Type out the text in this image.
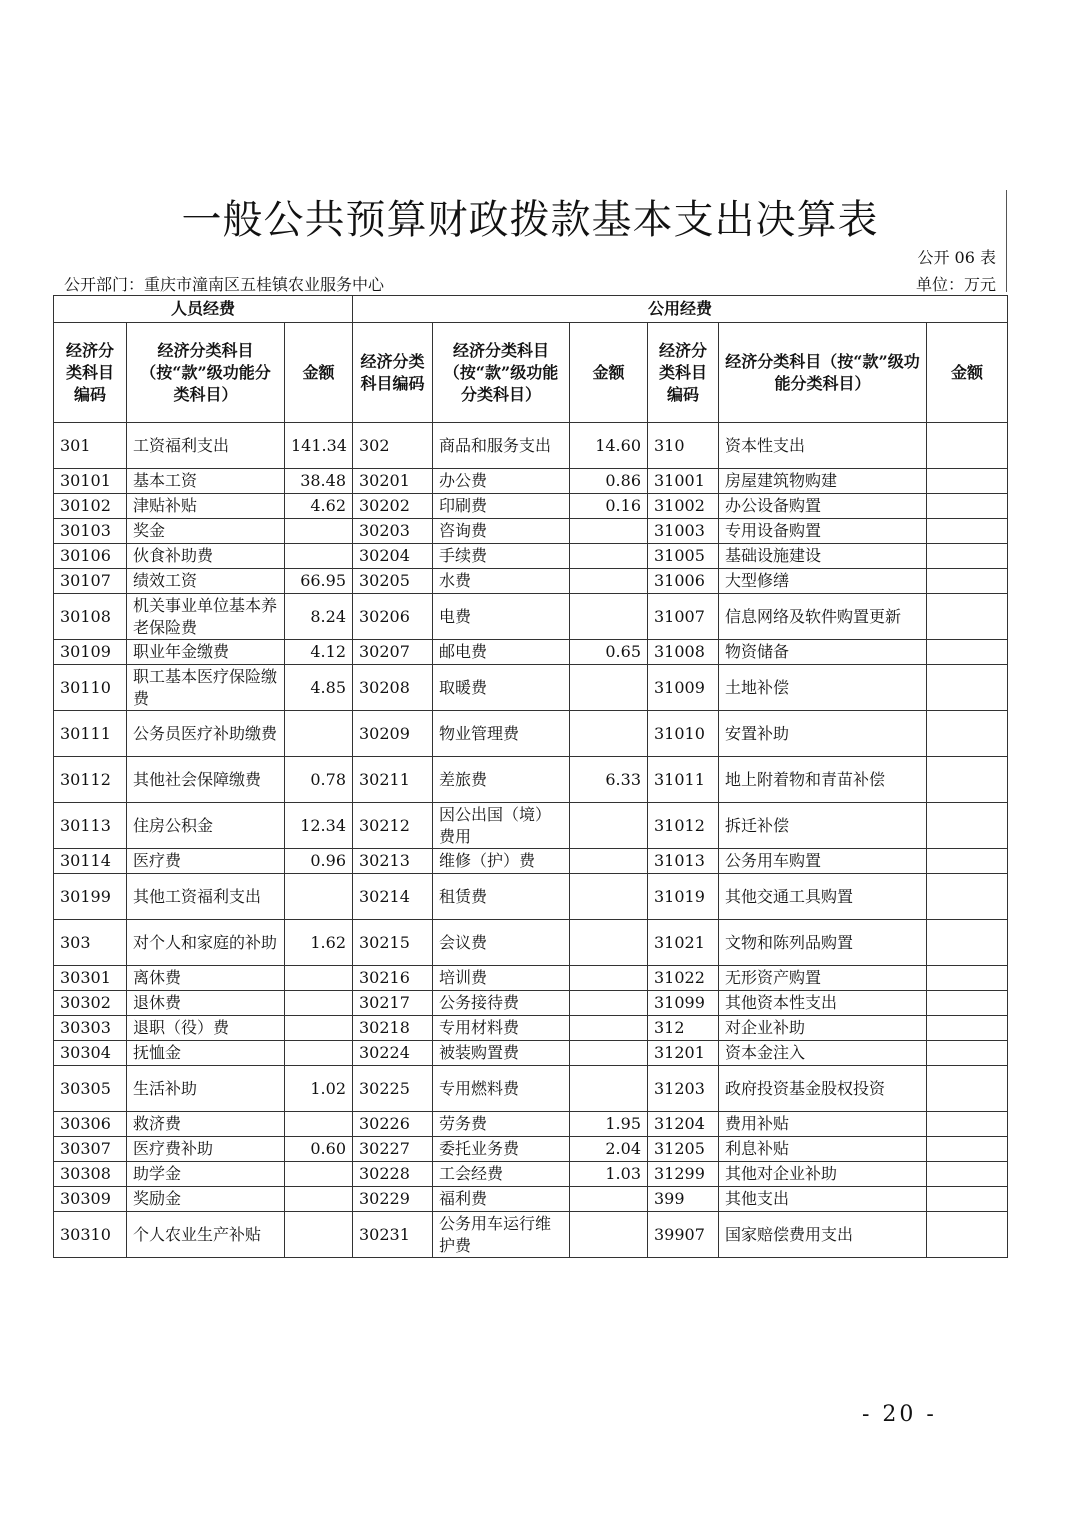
一般公共预算财政拨款基本支出决算表
公开 06 表
公开部门：重庆市潼南区五桂镇农业服务中心	单位：万元
人员经费			公用经费					
经济分类科目编码	经济分类科目（按“款”级功能分类科目）	金额	经济分类科目编码	经济分类科目（按“款”级功能分类科目）	金额	经济分类科目编码	经济分类科目（按“款”级功能分类科目）	金额
301	工资福利支出	141.34	302	商品和服务支出	14.60	310	资本性支出	
30101	基本工资	38.48	30201	办公费	0.86	31001	房屋建筑物购建	
30102	津贴补贴	4.62	30202	印刷费	0.16	31002	办公设备购置	
30103	奖金		30203	咨询费		31003	专用设备购置	
30106	伙食补助费		30204	手续费		31005	基础设施建设	
30107	绩效工资	66.95	30205	水费		31006	大型修缮	
30108	机关事业单位基本养老保险费	8.24	30206	电费		31007	信息网络及软件购置更新	
30109	职业年金缴费	4.12	30207	邮电费	0.65	31008	物资储备	
30110	职工基本医疗保险缴费	4.85	30208	取暖费		31009	土地补偿	
30111	公务员医疗补助缴费		30209	物业管理费		31010	安置补助	
30112	其他社会保障缴费	0.78	30211	差旅费	6.33	31011	地上附着物和青苗补偿	
30113	住房公积金	12.34	30212	因公出国（境）费用		31012	拆迁补偿	
30114	医疗费	0.96	30213	维修（护）费		31013	公务用车购置	
30199	其他工资福利支出		30214	租赁费		31019	其他交通工具购置	
303	对个人和家庭的补助	1.62	30215	会议费		31021	文物和陈列品购置	
30301	离休费		30216	培训费		31022	无形资产购置	
30302	退休费		30217	公务接待费		31099	其他资本性支出	
30303	退职（役）费		30218	专用材料费		312	对企业补助	
30304	抚恤金		30224	被装购置费		31201	资本金注入	
30305	生活补助	1.02	30225	专用燃料费		31203	政府投资基金股权投资	
30306	救济费		30226	劳务费	1.95	31204	费用补贴	
30307	医疗费补助	0.60	30227	委托业务费	2.04	31205	利息补贴	
30308	助学金		30228	工会经费	1.03	31299	其他对企业补助	
30309	奖励金		30229	福利费		399	其他支出	
30310	个人农业生产补贴		30231	公务用车运行维护费		39907	国家赔偿费用支出	
- 20 -
